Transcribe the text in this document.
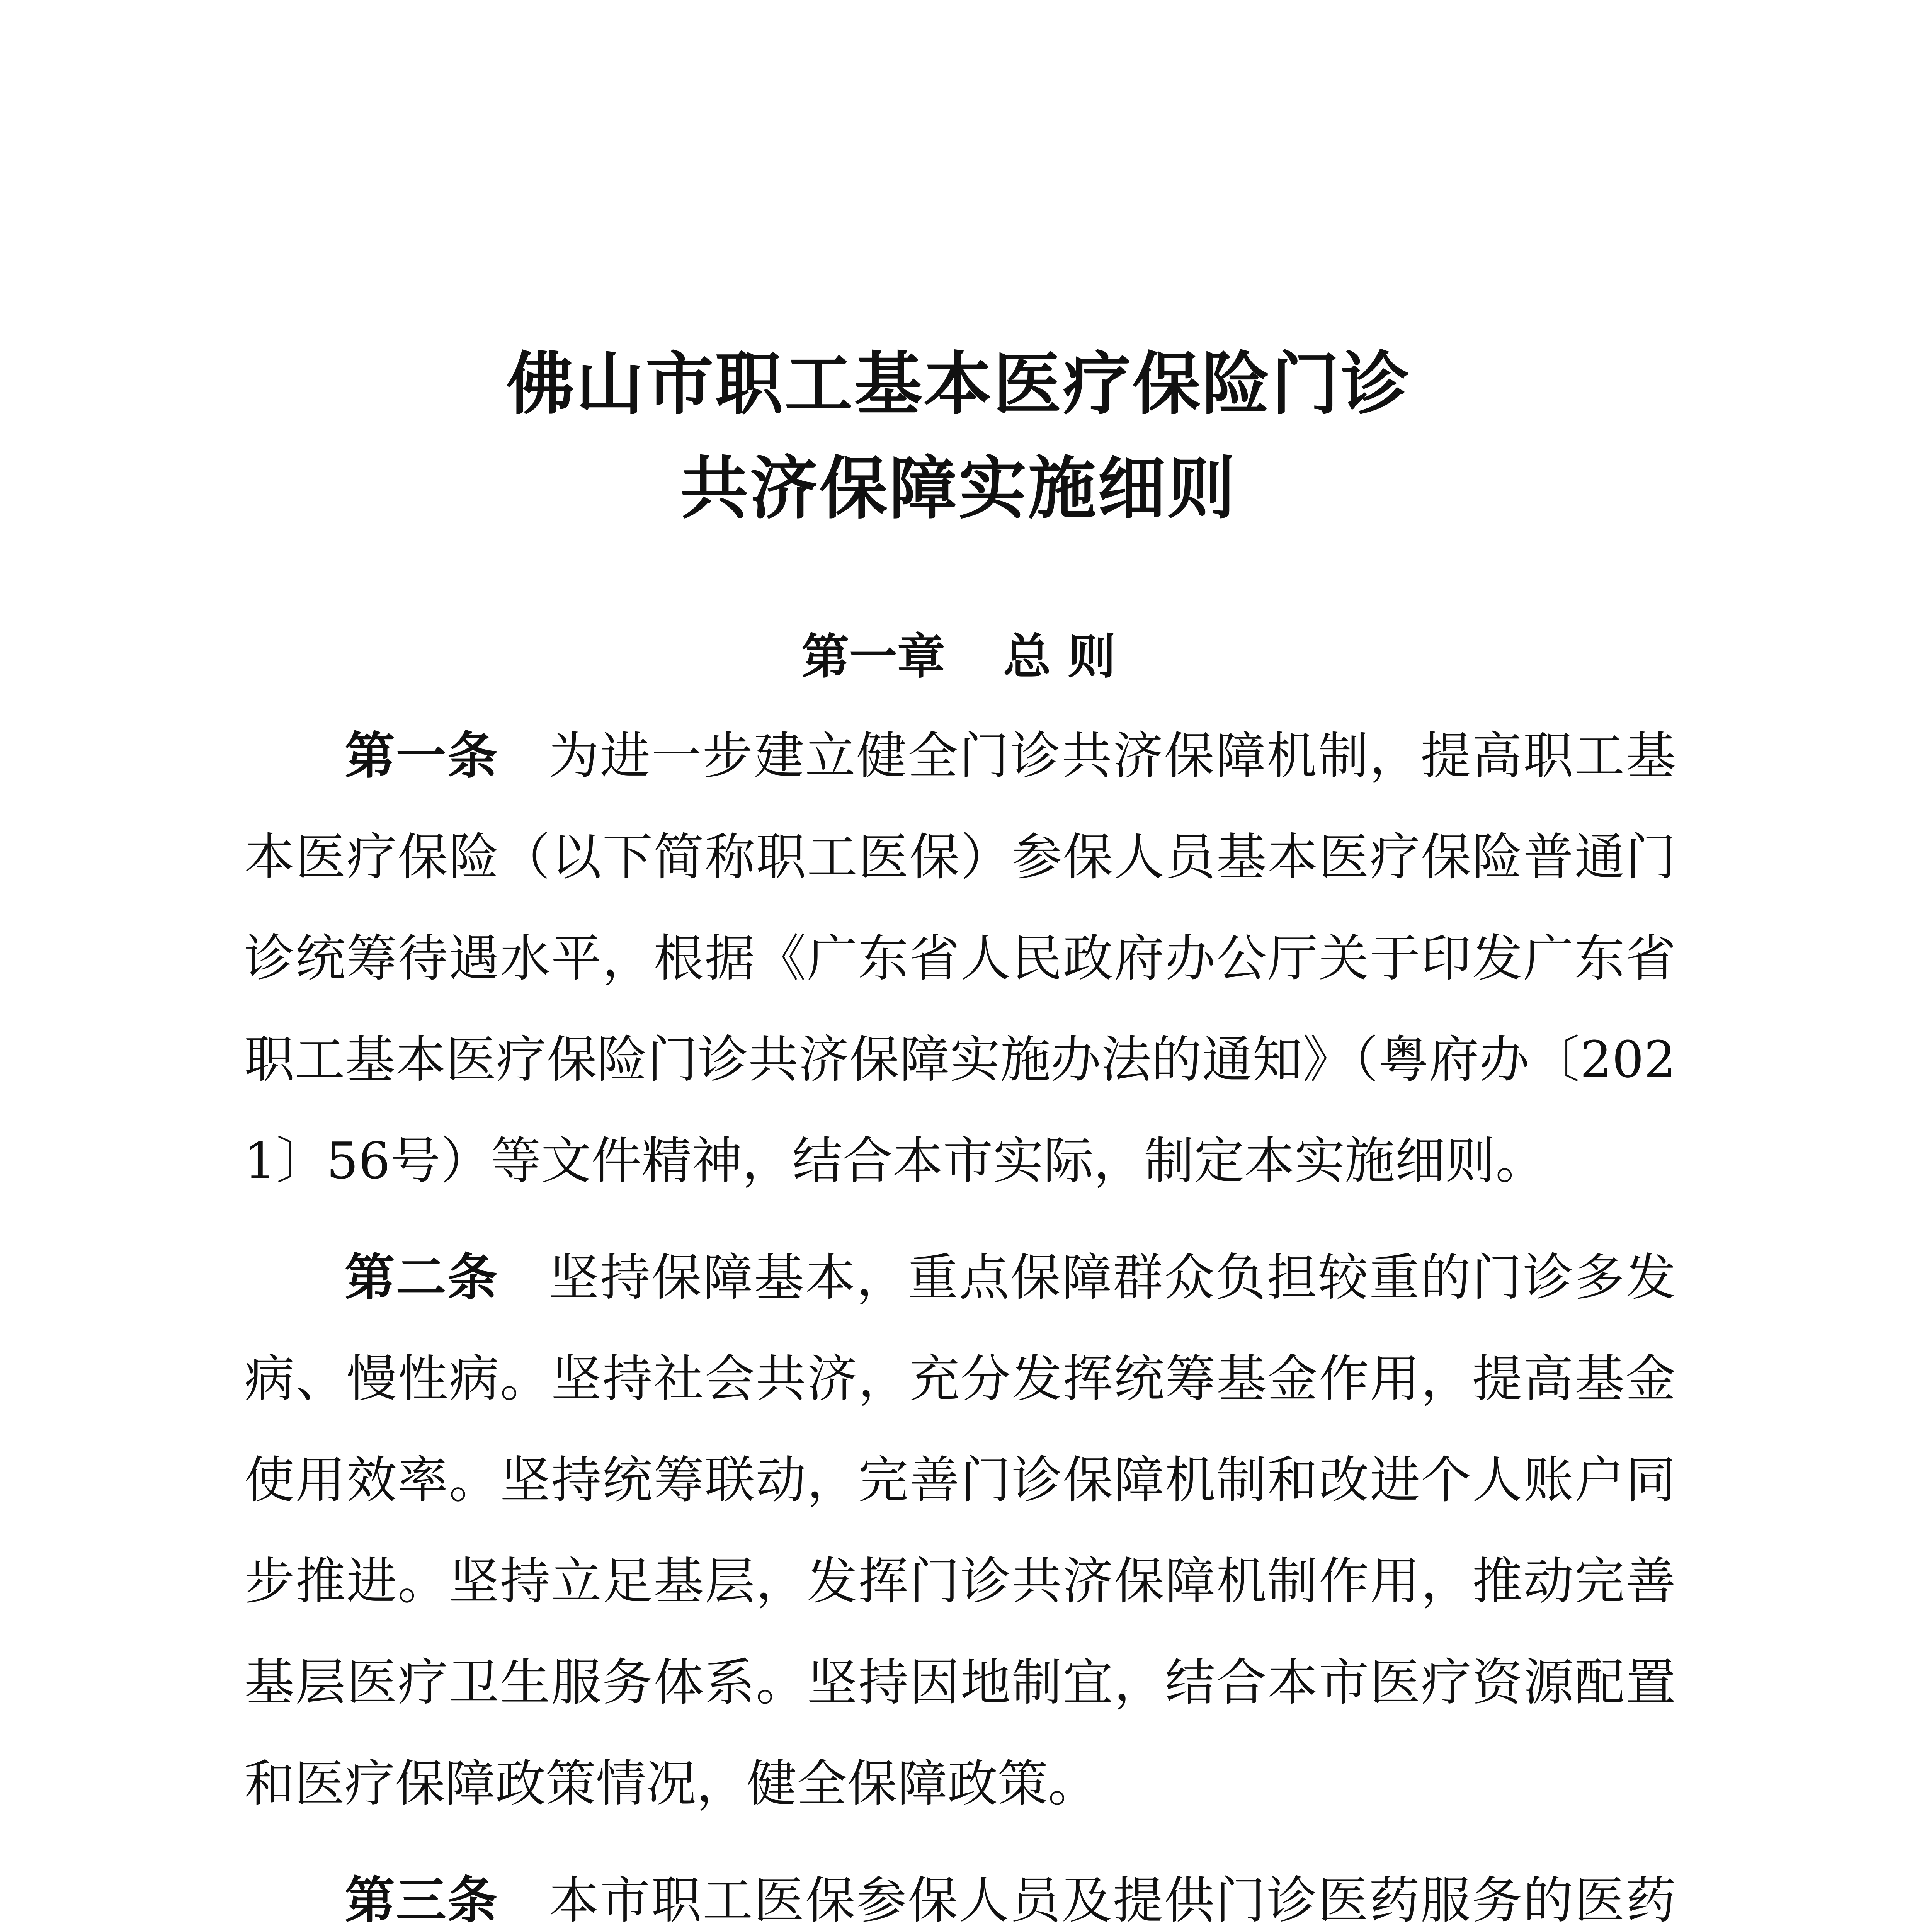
佛山市职工基本医疗保险门诊
共济保障实施细则
第一章 总 则

第一条 为进一步建立健全门诊共济保障机制，提高职工基本医疗保险（以下简称职工医保）参保人员基本医疗保险普通门诊统筹待遇水平，根据《广东省人民政府办公厅关于印发广东省职工基本医疗保险门诊共济保障实施办法的通知》（粤府办〔2021〕56号）等文件精神，结合本市实际，制定本实施细则。

第二条 坚持保障基本，重点保障群众负担较重的门诊多发病、慢性病。坚持社会共济，充分发挥统筹基金作用，提高基金使用效率。坚持统筹联动，完善门诊保障机制和改进个人账户同步推进。坚持立足基层，发挥门诊共济保障机制作用，推动完善基层医疗卫生服务体系。坚持因地制宜，结合本市医疗资源配置和医疗保障政策情况，健全保障政策。

第三条 本市职工医保参保人员及提供门诊医药服务的医药
